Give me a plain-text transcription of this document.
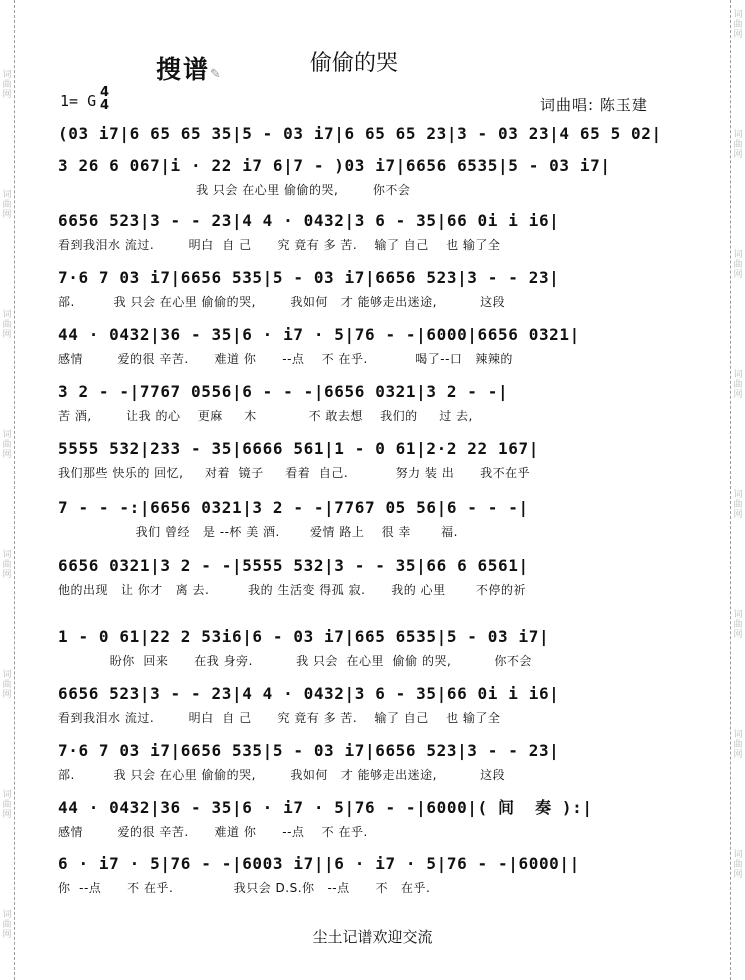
词曲网
词曲网
词曲网
词曲网
词曲网
词曲网
词曲网
词曲网
词曲网
词曲网
词曲网
词曲网
词曲网
词曲网
词曲网
词曲网
搜谱✎	偷偷的哭
1= G 4
4	词曲唱: 陈玉建
(03 i7|6 65 65 35|5 - 03 i7|6 65 65 23|3 - 03 23|4 65 5 02|
3 26 6 067|i · 22 i7 6|7 - )03 i7|6656 6535|5 - 03 i7|
我 只会 在心里 偷偷的哭,        你不会
6656 523|3 - - 23|4 4 · 0432|3 6 - 35|66 0i i i6|
看到我泪水 流过.        明白  自 己      究 竟有 多 苦.    输了 自己    也 输了全
7·6 7 03 i7|6656 535|5 - 03 i7|6656 523|3 - - 23|
部.         我 只会 在心里 偷偷的哭,        我如何   才 能够走出迷途,          这段
44 · 0432|36 - 35|6 · i7 · 5|76 - -|6000|6656 0321|
感情        爱的很 辛苦.      难道 你      --点    不 在乎.           喝了--口   辣辣的
3 2 - -|7767 0556|6 - - -|6656 0321|3 2 - -|
苦 酒,        让我 的心    更麻     木            不 敢去想    我们的     过 去,
5555 532|233 - 35|6666 561|1 - 0 61|2·2 22 167|
我们那些 快乐的 回忆,     对着  镜子     看着  自己.           努力 装 出      我不在乎
7 - - -:|6656 0321|3 2 - -|7767 05 56|6 - - -|
我们 曾经   是 --杯 美 酒.       爱情 路上    很 幸       福.
6656 0321|3 2 - -|5555 532|3 - - 35|66 6 6561|
他的出现   让 你才   离 去.         我的 生活变 得孤 寂.      我的 心里       不停的祈
1 - 0 61|22 2 53i6|6 - 03 i7|665 6535|5 - 03 i7|
盼你  回来      在我 身旁.          我 只会  在心里  偷偷 的哭,          你不会
6656 523|3 - - 23|4 4 · 0432|3 6 - 35|66 0i i i6|
看到我泪水 流过.        明白  自 己      究 竟有 多 苦.    输了 自己    也 输了全
7·6 7 03 i7|6656 535|5 - 03 i7|6656 523|3 - - 23|
部.         我 只会 在心里 偷偷的哭,        我如何   才 能够走出迷途,          这段
44 · 0432|36 - 35|6 · i7 · 5|76 - -|6000|( 间  奏 ):|
感情        爱的很 辛苦.      难道 你      --点    不 在乎.
6 · i7 · 5|76 - -|6003 i7||6 · i7 · 5|76 - -|6000||
你  --点      不 在乎.              我只会 D.S.你   --点      不   在乎.
尘土记谱欢迎交流
